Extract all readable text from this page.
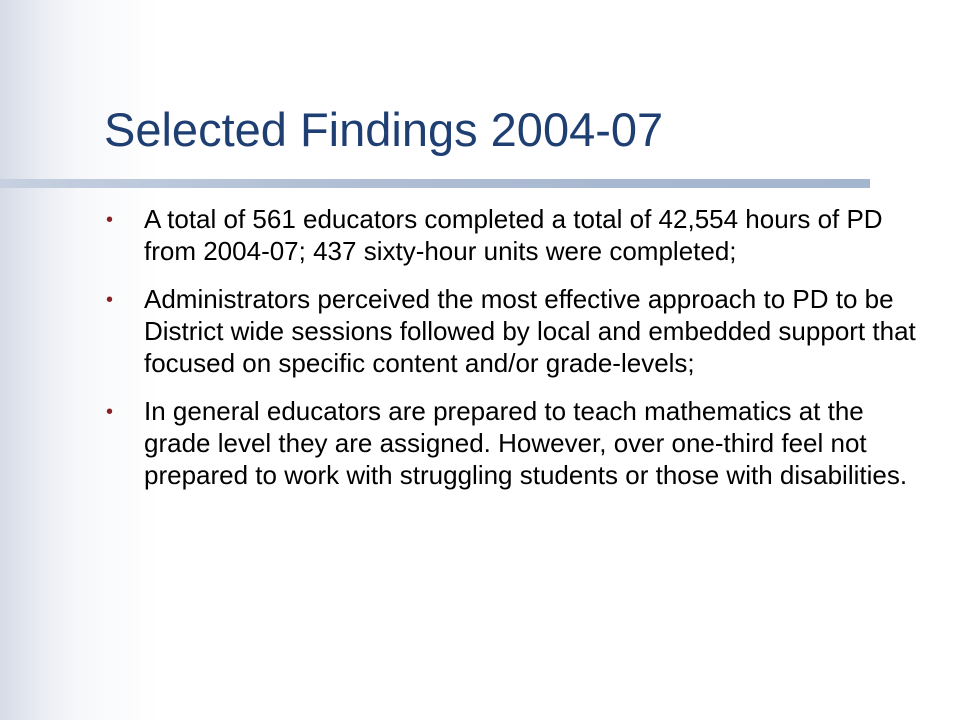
Selected Findings 2004-07
•	A total of 561 educators completed a total of 42,554 hours of PD from 2004-07; 437 sixty-hour units were completed;

•	Administrators perceived the most effective approach to PD to be District wide sessions followed by local and embedded support that focused on specific content and/or grade-levels;

•	In general educators are prepared to teach mathematics at the grade level they are assigned. However, over one-third feel not prepared to work with struggling students or those with disabilities.
